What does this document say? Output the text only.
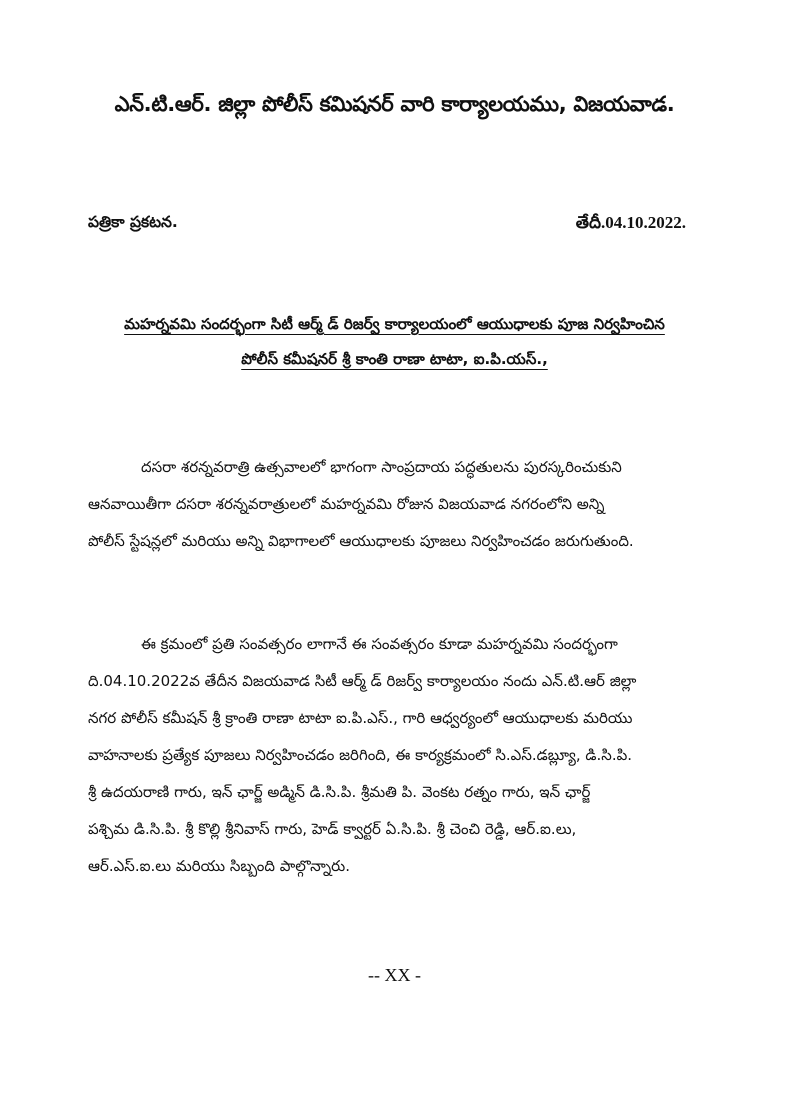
ఎన్.టి.ఆర్. జిల్లా పోలీస్ కమిషనర్ వారి కార్యాలయము, విజయవాడ.
పత్రికా ప్రకటన.	తేదీ.04.10.2022.
మహర్నవమి సందర్భంగా సిటీ ఆర్మ్ డ్ రిజర్వ్ కార్యాలయంలో ఆయుధాలకు పూజ నిర్వహించిన
పోలీస్ కమీషనర్ శ్రీ కాంతి రాణా టాటా, ఐ.పి.యస్.,
దసరా శరన్నవరాత్రి ఉత్సవాలలో భాగంగా సాంప్రదాయ పద్ధతులను పురస్కరించుకుని
ఆనవాయితీగా దసరా శరన్నవరాత్రులలో మహర్నవమి రోజున విజయవాడ నగరంలోని అన్ని
పోలీస్ స్టేషన్లలో మరియు అన్ని విభాగాలలో ఆయుధాలకు పూజలు నిర్వహించడం జరుగుతుంది.
ఈ క్రమంలో ప్రతి సంవత్సరం లాగానే ఈ సంవత్సరం కూడా మహర్నవమి సందర్భంగా
ది.04.10.2022వ తేదీన విజయవాడ సిటీ ఆర్మ్ డ్ రిజర్వ్ కార్యాలయం నందు ఎన్.టి.ఆర్ జిల్లా
నగర పోలీస్ కమీషన్ శ్రీ క్రాంతి రాణా టాటా ఐ.పి.ఎస్., గారి ఆధ్వర్యంలో ఆయుధాలకు మరియు
వాహనాలకు ప్రత్యేక పూజలు నిర్వహించడం జరిగింది, ఈ కార్యక్రమంలో సి.ఎస్.డబ్ల్యూ, డి.సి.పి.
శ్రీ ఉదయరాణి గారు, ఇన్ ఛార్జ్ అడ్మిన్ డి.సి.పి. శ్రీమతి పి. వెంకట రత్నం గారు, ఇన్ ఛార్జ్
పశ్చిమ డి.సి.పి. శ్రీ కొల్లి శ్రీనివాస్ గారు, హెడ్ క్వార్టర్ ఏ.సి.పి. శ్రీ చెంచి రెడ్డి, ఆర్.ఐ.లు,
ఆర్.ఎస్.ఐ.లు మరియు సిబ్బంది పాల్గొన్నారు.
-- XX -
